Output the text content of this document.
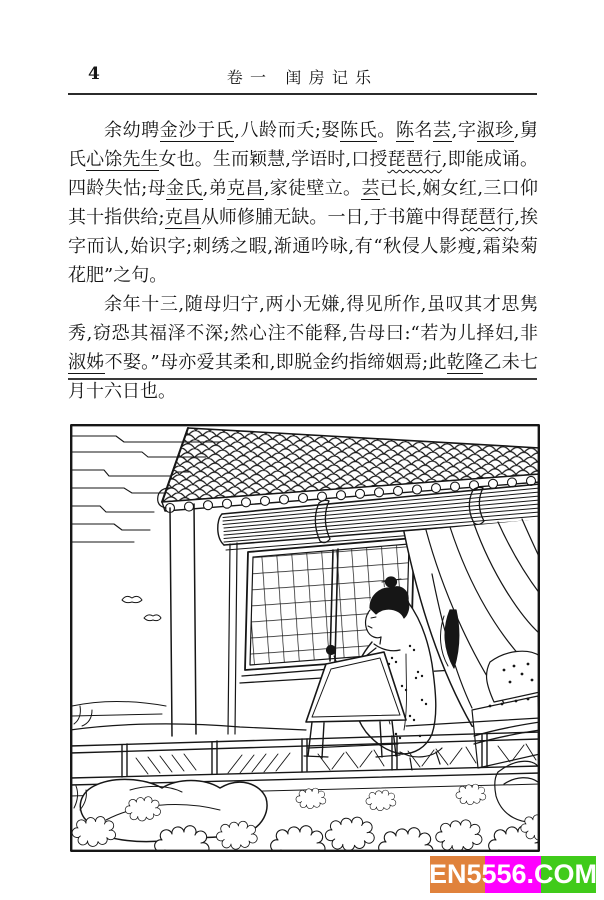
4	卷一 闺房记乐

余幼聘金沙于氏,八龄而夭;娶陈氏。陈名芸,字淑珍,舅氏心馀先生女也。生而颖慧,学语时,口授琵琶行,即能成诵。四龄失怙;母金氏,弟克昌,家徒壁立。芸已长,娴女红,三口仰其十指供给;克昌从师修脯无缺。一日,于书簏中得琵琶行,挨字而认,始识字;刺绣之暇,渐通吟咏,有“秋侵人影瘦,霜染菊花肥”之句。

余年十三,随母归宁,两小无嫌,得见所作,虽叹其才思隽秀,窃恐其福泽不深;然心注不能释,告母曰:“若为儿择妇,非淑姊不娶。”母亦爱其柔和,即脱金约指缔姻焉;此乾隆乙未七月十六日也。

EN5556.COM
